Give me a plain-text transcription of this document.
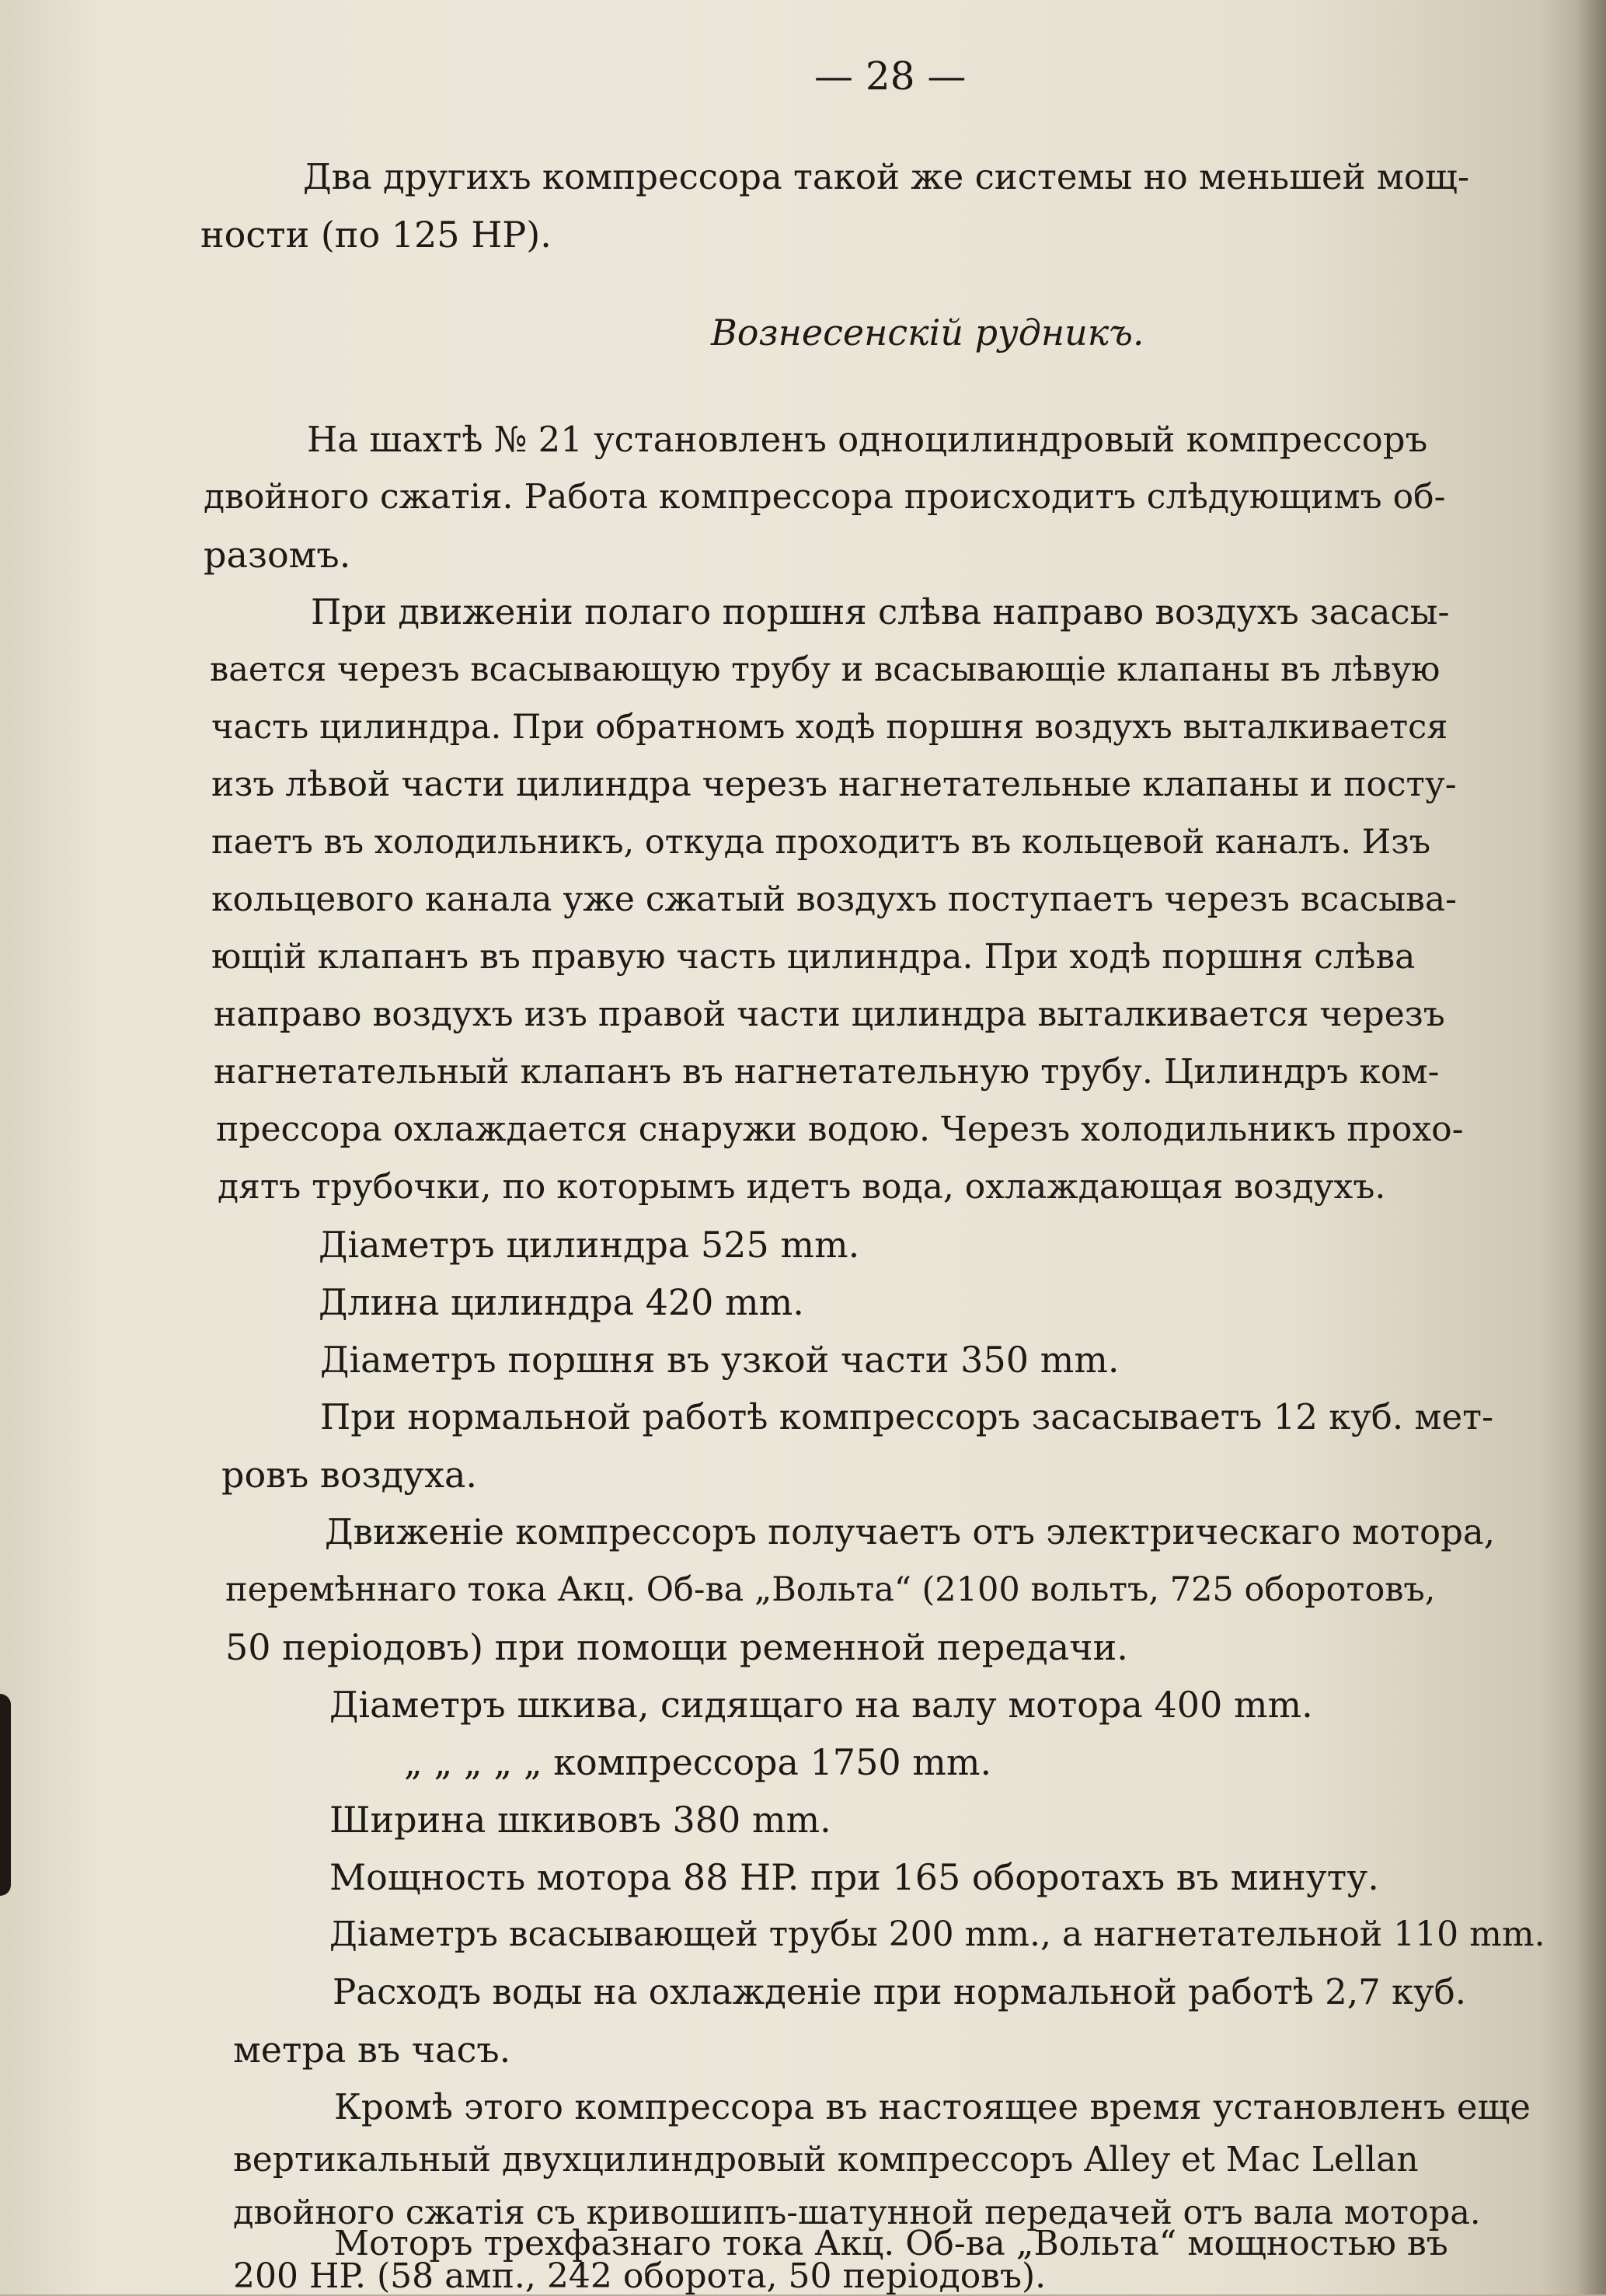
— 28 —
Два другихъ компрессора такой же системы но меньшей мощ-
ности (по 125 HP).
Вознесенскій рудникъ.
На шахтѣ № 21 установленъ одноцилиндровый компрессоръ
двойного сжатія. Работа компрессора происходитъ слѣдующимъ об-
разомъ.
При движеніи полаго поршня слѣва направо воздухъ засасы-
вается черезъ всасывающую трубу и всасывающіе клапаны въ лѣвую
часть цилиндра. При обратномъ ходѣ поршня воздухъ выталкивается
изъ лѣвой части цилиндра черезъ нагнетательные клапаны и посту-
паетъ въ холодильникъ, откуда проходитъ въ кольцевой каналъ. Изъ
кольцевого канала уже сжатый воздухъ поступаетъ черезъ всасыва-
ющій клапанъ въ правую часть цилиндра. При ходѣ поршня слѣва
направо воздухъ изъ правой части цилиндра выталкивается черезъ
нагнетательный клапанъ въ нагнетательную трубу. Цилиндръ ком-
прессора охлаждается снаружи водою. Черезъ холодильникъ прохо-
дятъ трубочки, по которымъ идетъ вода, охлаждающая воздухъ.
Діаметръ цилиндра 525 mm.
Длина цилиндра 420 mm.
Діаметръ поршня въ узкой части 350 mm.
При нормальной работѣ компрессоръ засасываетъ 12 куб. мет-
ровъ воздуха.
Движеніе компрессоръ получаетъ отъ электрическаго мотора,
перемѣннаго тока Акц. Об-ва „Вольта“ (2100 вольтъ, 725 оборотовъ,
50 періодовъ) при помощи ременной передачи.
Діаметръ шкива, сидящаго на валу мотора 400 mm.
„ „ „ „ „ компрессора 1750 mm.
Ширина шкивовъ 380 mm.
Мощность мотора 88 HP. при 165 оборотахъ въ минуту.
Діаметръ всасывающей трубы 200 mm., а нагнетательной 110 mm.
Расходъ воды на охлажденіе при нормальной работѣ 2,7 куб.
метра въ часъ.
Кромѣ этого компрессора въ настоящее время установленъ еще
вертикальный двухцилиндровый компрессоръ Alley et Mac Lellan
двойного сжатія съ кривошипъ-шатунной передачей отъ вала мотора.
Моторъ трехфазнаго тока Акц. Об-ва „Вольта“ мощностью въ
200 HP. (58 амп., 242 оборота, 50 періодовъ).
